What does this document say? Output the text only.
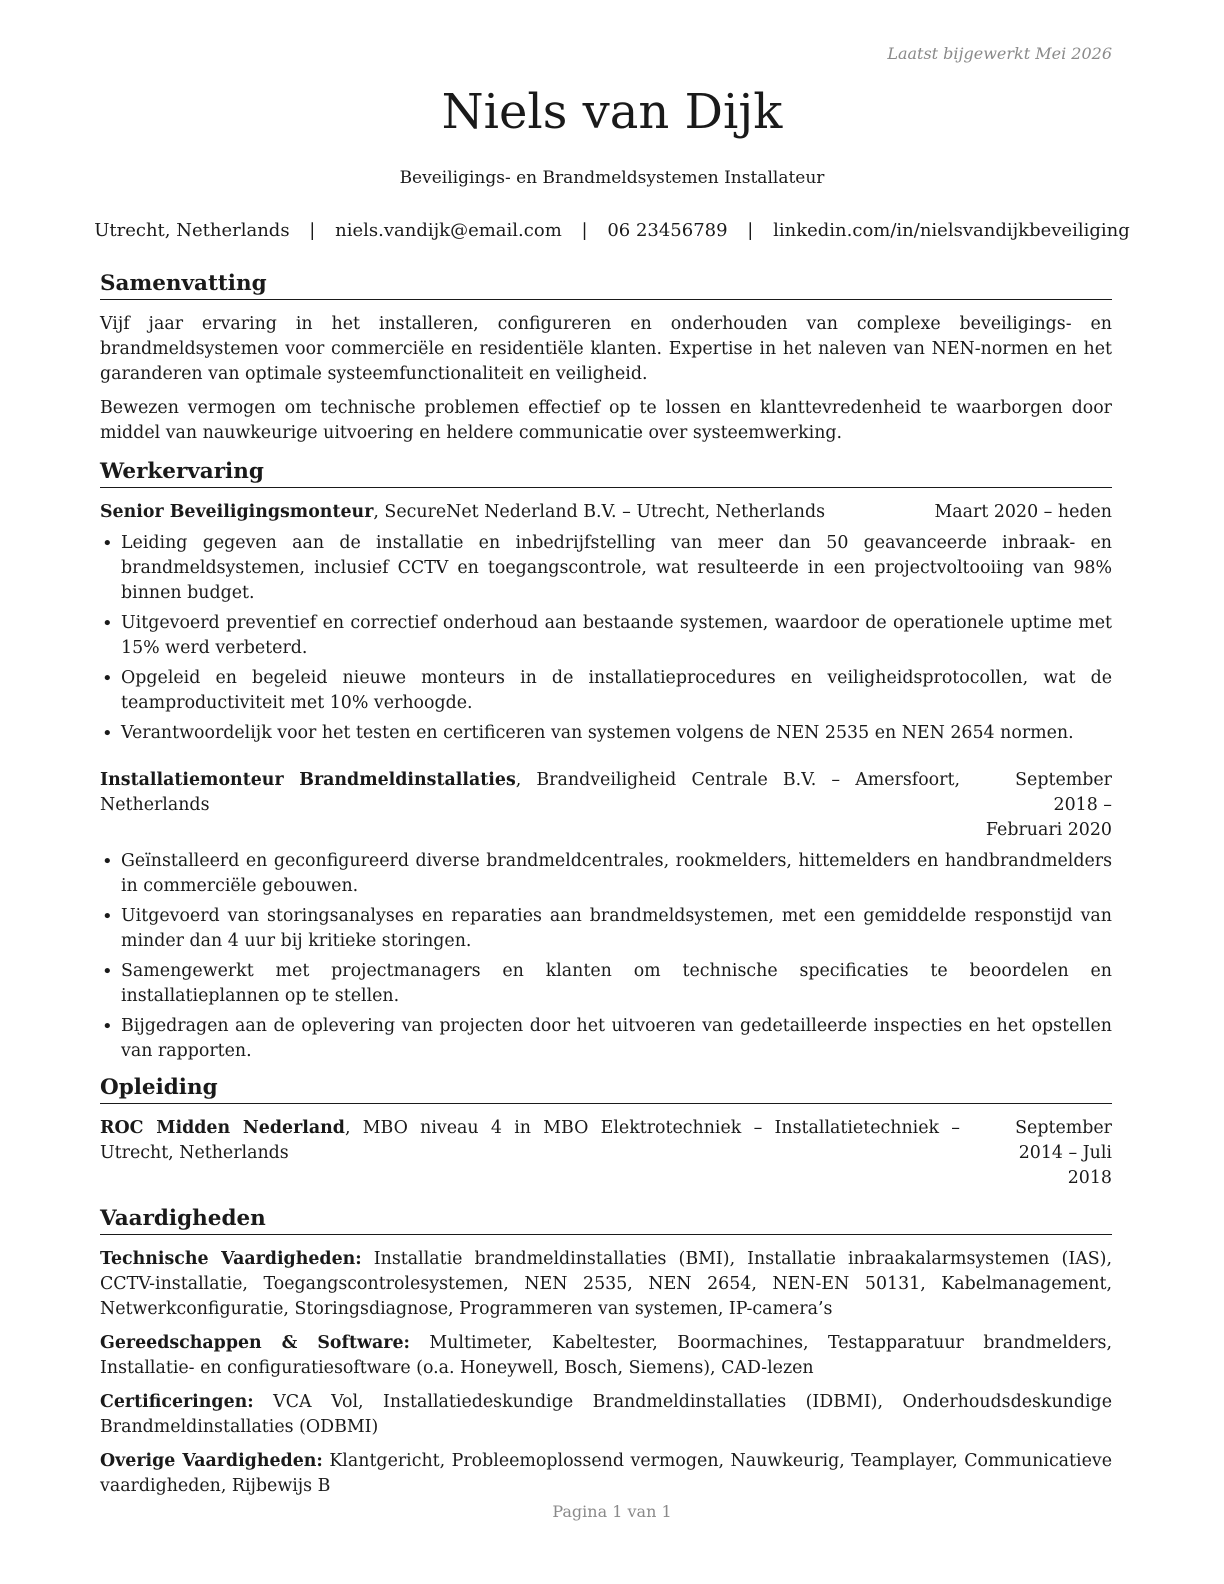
Laatst bijgewerkt Mei 2026
Niels van Dijk
Beveiligings- en Brandmeldsystemen Installateur
Utrecht, Netherlands | niels.vandijk@email.com | 06 23456789 | linkedin.com/in/nielsvandijkbeveiliging
Samenvatting

Vijf jaar ervaring in het installeren, configureren en onderhouden van complexe beveiligings- en brandmeldsystemen voor commerciële en residentiële klanten. Expertise in het naleven van NEN-normen en het garanderen van optimale systeemfunctionaliteit en veiligheid.

Bewezen vermogen om technische problemen effectief op te lossen en klanttevredenheid te waarborgen door middel van nauwkeurige uitvoering en heldere communicatie over systeemwerking.

Werkervaring
Senior Beveiligingsmonteur, SecureNet Nederland B.V. – Utrecht, Netherlands	Maart 2020 – heden
• Leiding gegeven aan de installatie en inbedrijfstelling van meer dan 50 geavanceerde inbraak- en brandmeldsystemen, inclusief CCTV en toegangscontrole, wat resulteerde in een projectvoltooiing van 98% binnen budget.
• Uitgevoerd preventief en correctief onderhoud aan bestaande systemen, waardoor de operationele uptime met 15% werd verbeterd.
• Opgeleid en begeleid nieuwe monteurs in de installatieprocedures en veiligheidsprotocollen, wat de teamproductiviteit met 10% verhoogde.
• Verantwoordelijk voor het testen en certificeren van systemen volgens de NEN 2535 en NEN 2654 normen.
Installatiemonteur Brandmeldinstallaties, Brandveiligheid Centrale B.V. – Amersfoort, Netherlands
September 2018 – Februari 2020
• Geïnstalleerd en geconfigureerd diverse brandmeldcentrales, rookmelders, hittemelders en handbrandmelders in commerciële gebouwen.
• Uitgevoerd van storingsanalyses en reparaties aan brandmeldsystemen, met een gemiddelde responstijd van minder dan 4 uur bij kritieke storingen.
• Samengewerkt met projectmanagers en klanten om technische specificaties te beoordelen en installatieplannen op te stellen.
• Bijgedragen aan de oplevering van projecten door het uitvoeren van gedetailleerde inspecties en het opstellen van rapporten.
Opleiding
ROC Midden Nederland, MBO niveau 4 in MBO Elektrotechniek – Installatietechniek – Utrecht, Netherlands
September 2014 – Juli 2018
Vaardigheden
Technische Vaardigheden: Installatie brandmeldinstallaties (BMI), Installatie inbraakalarmsystemen (IAS), CCTV-installatie, Toegangscontrolesystemen, NEN 2535, NEN 2654, NEN-EN 50131, Kabelmanagement, Netwerkconfiguratie, Storingsdiagnose, Programmeren van systemen, IP-camera’s
Gereedschappen & Software: Multimeter, Kabeltester, Boormachines, Testapparatuur brandmelders, Installatie- en configuratiesoftware (o.a. Honeywell, Bosch, Siemens), CAD-lezen
Certificeringen: VCA Vol, Installatiedeskundige Brandmeldinstallaties (IDBMI), Onderhoudsdeskundige Brandmeldinstallaties (ODBMI)
Overige Vaardigheden: Klantgericht, Probleemoplossend vermogen, Nauwkeurig, Teamplayer, Communicatieve vaardigheden, Rijbewijs B
Pagina 1 van 1
